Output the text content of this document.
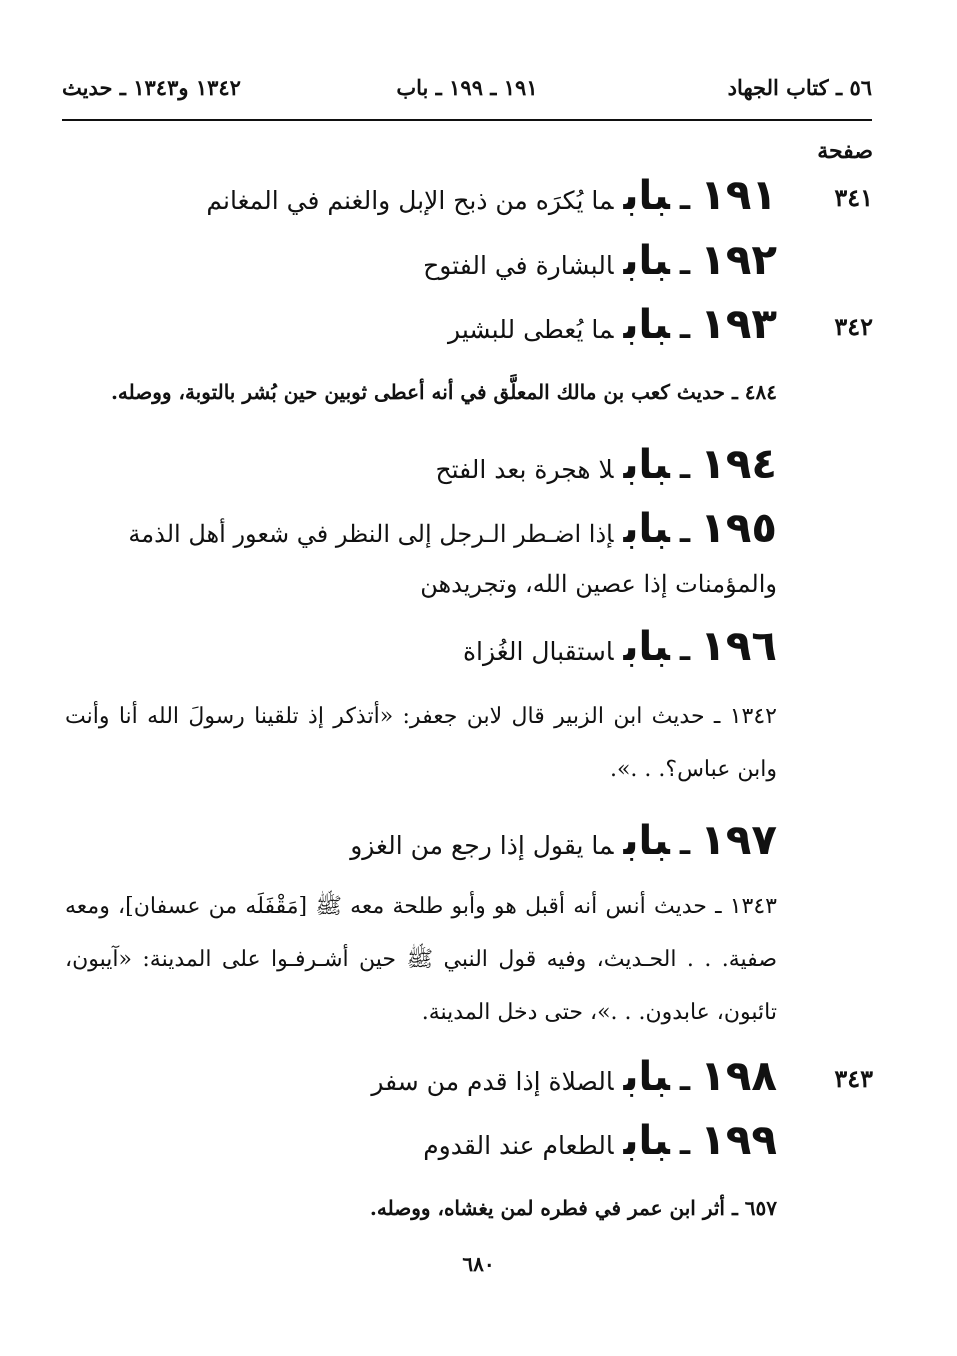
٥٦ ـ كتاب الجهاد
١٩١ ـ ١٩٩ ـ باب
١٣٤٢ و١٣٤٣ ـ حديث
صفحة
٣٤١
١٩١ـبابما يُكرَه من ذبح الإبل والغنم في المغانم
١٩٢ـبابالبشارة في الفتوح
٣٤٢
١٩٣ـبابما يُعطى للبشير
٤٨٤ ـ حديث كعب بن مالك المعلَّق في أنه أعطى ثوبين حين بُشر بالتوبة، ووصله.
١٩٤ـبابلا هجرة بعد الفتح
١٩٥ـبابإذا اضـطر الـرجل إلى النظر في شعور أهل الذمة
والمؤمنات إذا عصين الله، وتجريدهن
١٩٦ـباباستقبال الغُزاة
١٣٤٢ ـ حديث ابن الزبير قال لابن جعفر: «أتذكر إذ تلقينا رسولَ الله أنا وأنت وابن عباس؟. . .».
١٩٧ـبابما يقول إذا رجع من الغزو
١٣٤٣ ـ حديث أنس أنه أقبل هو وأبو طلحة معه ﷺ [مَقْفَلَه من عسفان]، ومعه صفية. . . الحـديث، وفيه قول النبي ﷺ حين أشـرفـوا على المدينة: «آيبون، تائبون، عابدون. . .»، حتى دخل المدينة.
٣٤٣
١٩٨ـبابالصلاة إذا قدم من سفر
١٩٩ـبابالطعام عند القدوم
٦٥٧ ـ أثر ابن عمر في فطره لمن يغشاه، ووصله.
٦٨٠
